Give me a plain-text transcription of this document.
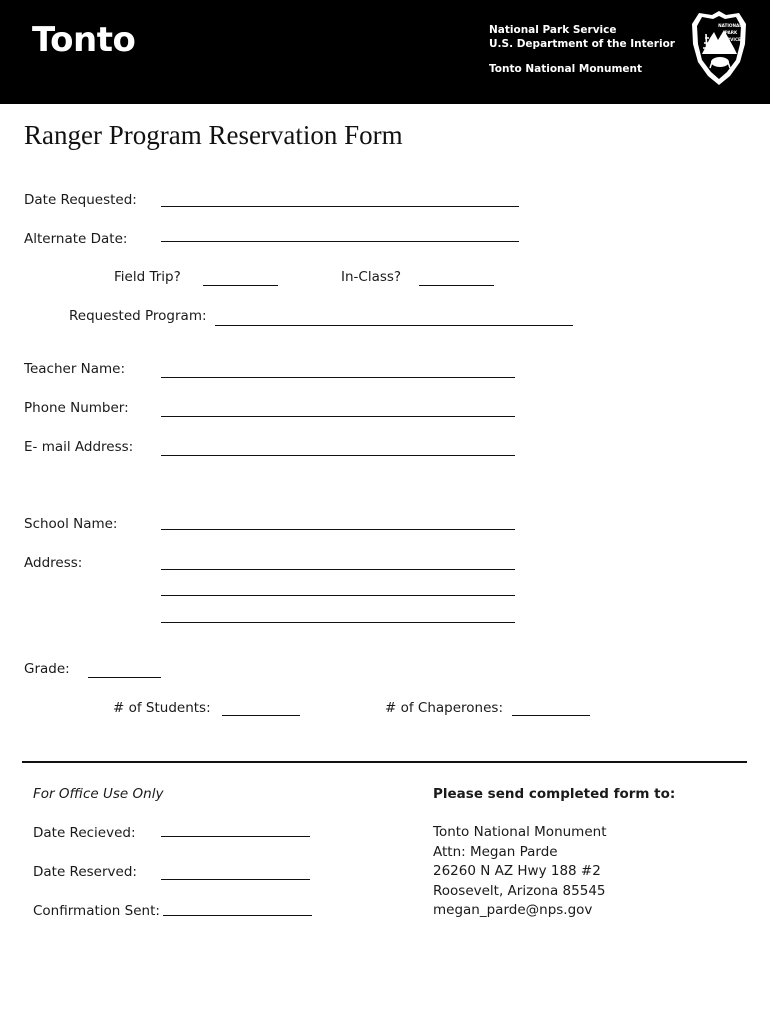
Tonto	National Park Service
U.S. Department of the Interior
Tonto National Monument
NATIONAL
PARK
SERVICE
Ranger Program Reservation Form
Date Requested:
Alternate Date:
Field Trip?	In-Class?
Requested Program:
Teacher Name:
Phone Number:
E- mail Address:
School Name:
Address:
Grade:
# of Students:	# of Chaperones:
For Office Use Only
Date Recieved:
Date Reserved:
Confirmation Sent:
Please send completed form to:
Tonto National Monument
Attn: Megan Parde
26260 N AZ Hwy 188 #2
Roosevelt, Arizona 85545
megan_parde@nps.gov
